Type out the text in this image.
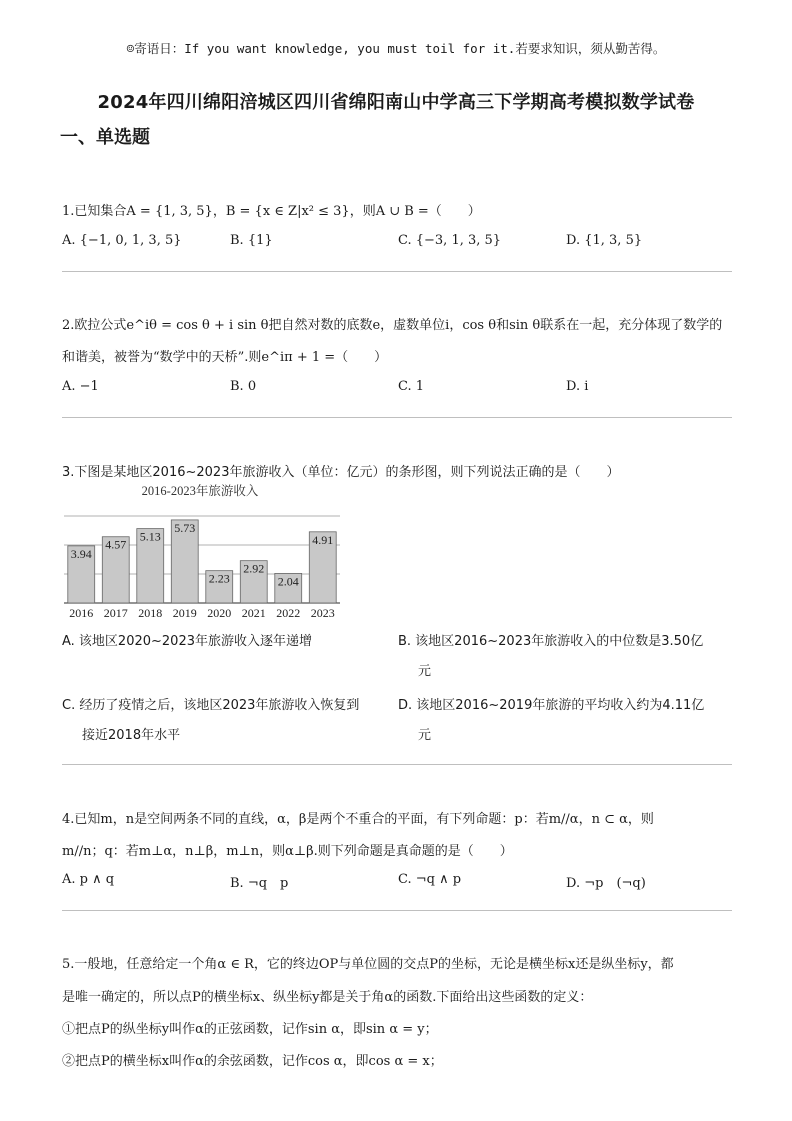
☺寄语日：If you want knowledge, you must toil for it.若要求知识，须从勤苦得。
2024年四川绵阳涪城区四川省绵阳南山中学高三下学期高考模拟数学试卷
一、单选题
1.已知集合A = {1, 3, 5}，B = {x ∈ Z|x² ≤ 3}，则A ∪ B =（　　）
A. {−1, 0, 1, 3, 5}	B. {1}	C. {−3, 1, 3, 5}	D. {1, 3, 5}
2.欧拉公式e^iθ = cos θ + i sin θ把自然对数的底数e，虚数单位i，cos θ和sin θ联系在一起，充分体现了数学的
和谐美，被誉为“数学中的天桥”.则e^iπ + 1 =（　　）
A. −1	B. 0	C. 1	D. i
3.下图是某地区2016~2023年旅游收入（单位：亿元）的条形图，则下列说法正确的是（　　）
2016-2023年旅游收入
3.94
4.57
5.13
5.73
2.23
2.92
2.04
4.91
2016 2017 2018 2019 2020 2021 2022 2023
A. 该地区2020~2023年旅游收入逐年递增	B. 该地区2016~2023年旅游收入的中位数是3.50亿
元
C. 经历了疫情之后，该地区2023年旅游收入恢复到
接近2018年水平
D. 该地区2016~2019年旅游的平均收入约为4.11亿
元
4.已知m，n是空间两条不同的直线，α，β是两个不重合的平面，有下列命题：p：若m//α，n ⊂ α，则
m//n；q：若m⊥α，n⊥β，m⊥n，则α⊥β.则下列命题是真命题的是（　　）
A. p ∧ q	B. ¬q　p	C. ¬q ∧ p	D. ¬p　(¬q)
5.一般地，任意给定一个角α ∈ R，它的终边OP与单位圆的交点P的坐标，无论是横坐标x还是纵坐标y，都
是唯一确定的，所以点P的横坐标x、纵坐标y都是关于角α的函数.下面给出这些函数的定义：
①把点P的纵坐标y叫作α的正弦函数，记作sin α，即sin α = y；
②把点P的横坐标x叫作α的余弦函数，记作cos α，即cos α = x；
